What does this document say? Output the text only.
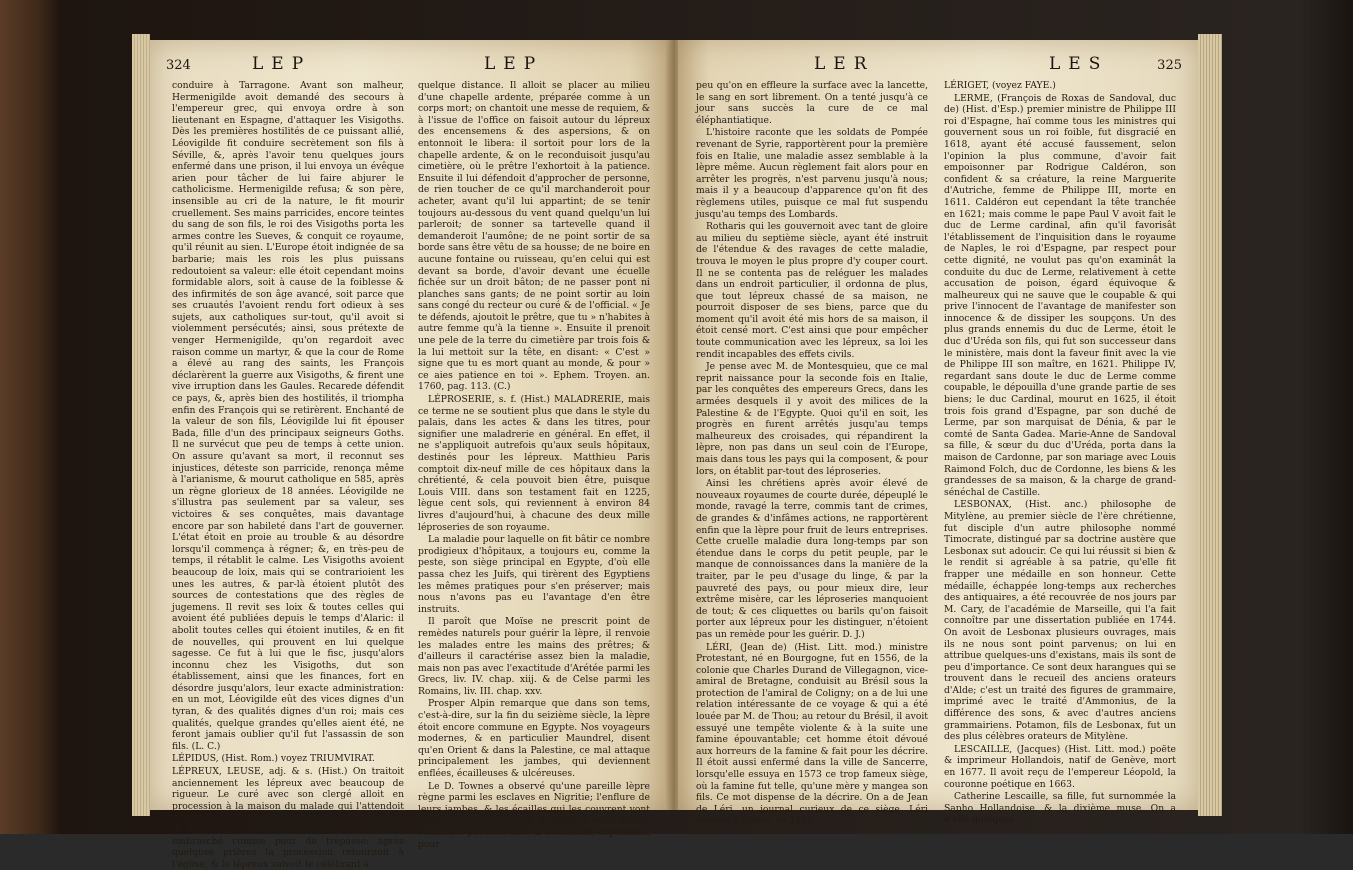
324	LEP	LEP

conduire à Tarragone. Avant son malheur, Hermenigilde avoit demandé des secours à l'empereur grec, qui envoya ordre à son lieutenant en Espagne, d'attaquer les Visigoths. Dès les premières hostilités de ce puissant allié, Léovigilde fit conduire secrètement son fils à Séville, &, après l'avoir tenu quelques jours enfermé dans une prison, il lui envoya un évêque arien pour tâcher de lui faire abjurer le catholicisme. Hermenigilde refusa; & son père, insensible au cri de la nature, le fit mourir cruellement. Ses mains parricides, encore teintes du sang de son fils, le roi des Visigoths porta les armes contre les Sueves, & conquit ce royaume, qu'il réunit au sien. L'Europe étoit indignée de sa barbarie; mais les rois les plus puissans redoutoient sa valeur: elle étoit cependant moins formidable alors, soit à cause de la foiblesse & des infirmités de son âge avancé, soit parce que ses cruautés l'avoient rendu fort odieux à ses sujets, aux catholiques sur-tout, qu'il avoit si violemment persécutés; ainsi, sous prétexte de venger Hermenigilde, qu'on regardoit avec raison comme un martyr, & que la cour de Rome a élevé au rang des saints, les François déclarèrent la guerre aux Visigoths, & firent une vive irruption dans les Gaules. Recarede défendit ce pays, &, après bien des hostilités, il triompha enfin des François qui se retirèrent. Enchanté de la valeur de son fils, Léovigilde lui fit épouser Bada, fille d'un des principaux seigneurs Goths. Il ne survécut que peu de temps à cette union. On assure qu'avant sa mort, il reconnut ses injustices, déteste son parricide, renonça même à l'arianisme, & mourut catholique en 585, après un règne glorieux de 18 années. Léovigilde ne s'illustra pas seulement par sa valeur, ses victoires & ses conquêtes, mais davantage encore par son habileté dans l'art de gouverner. L'état étoit en proie au trouble & au désordre lorsqu'il commença à régner; &, en très-peu de temps, il rétablit le calme. Les Visigoths avoient beaucoup de loix, mais qui se contrarioient les unes les autres, & par-là étoient plutôt des sources de contestations que des règles de jugemens. Il revit ses loix & toutes celles qui avoient été publiées depuis le temps d'Alaric: il abolit toutes celles qui étoient inutiles, & en fit de nouvelles, qui prouvent en lui quelque sagesse. Ce fut à lui que le fisc, jusqu'alors inconnu chez les Visigoths, dut son établissement, ainsi que les finances, fort en désordre jusqu'alors, leur exacte administration: en un mot, Léovigilde eût des vices dignes d'un tyran, & des qualités dignes d'un roi; mais ces qualités, quelque grandes qu'elles aient été, ne feront jamais oublier qu'il fut l'assassin de son fils. (L. C.)

LÉPIDUS, (Hist. Rom.) voyez TRIUMVIRAT.

LÉPREUX, LEUSE, adj. & s. (Hist.) On traitoit anciennement les lépreux avec beaucoup de rigueur. Le curé avec son clergé alloit en procession à la maison du malade qui l'attendoit à la porte, couvert d'un voile noir ou d'une nape; là le lépreux étoit levé son visage couvert & embrasché comme pour de trépasse: après quelques prières la procession retournoit à l'église, & le lépreux suivoit le célébrant à

quelque distance. Il alloit se placer au milieu d'une chapelle ardente, préparée comme à un corps mort; on chantoit une messe de requiem, & à l'issue de l'office on faisoit autour du lépreux des encensemens & des aspersions, & on entonnoit le libera: il sortoit pour lors de la chapelle ardente, & on le reconduisoit jusqu'au cimetière, où le prêtre l'exhortoit à la patience. Ensuite il lui défendoit d'approcher de personne, de rien toucher de ce qu'il marchanderoit pour acheter, avant qu'il lui appartint; de se tenir toujours au-dessous du vent quand quelqu'un lui parleroit; de sonner sa tartevelle quand il demanderoit l'aumône; de ne point sortir de sa borde sans être vêtu de sa housse; de ne boire en aucune fontaine ou ruisseau, qu'en celui qui est devant sa borde, d'avoir devant une écuelle fichée sur un droit bâton; de ne passer pont ni planches sans gants; de ne point sortir au loin sans congé du recteur ou curé & de l'official. « Je te défends, ajoutoit le prêtre, que tu » n'habites à autre femme qu'à la tienne ». Ensuite il prenoit une pele de la terre du cimetière par trois fois & la lui mettoit sur la tête, en disant: « C'est » signe que tu es mort quant au monde, & pour » ce aies patience en toi ». Ephem. Troyen. an. 1760, pag. 113. (C.)

LÉPROSERIE, s. f. (Hist.) MALADRERIE, mais ce terme ne se soutient plus que dans le style du palais, dans les actes & dans les titres, pour signifier une maladrerie en général. En effet, il ne s'appliquoit autrefois qu'aux seuls hôpitaux, destinés pour les lépreux. Matthieu Paris comptoit dix-neuf mille de ces hôpitaux dans la chrétienté, & cela pouvoit bien être, puisque Louis VIII. dans son testament fait en 1225, lègue cent sols, qui reviennent à environ 84 livres d'aujourd'hui, à chacune des deux mille léproseries de son royaume.

La maladie pour laquelle on fit bâtir ce nombre prodigieux d'hôpitaux, a toujours eu, comme la peste, son siège principal en Egypte, d'où elle passa chez les Juifs, qui tirèrent des Egyptiens les mêmes pratiques pour s'en préserver; mais nous n'avons pas eu l'avantage d'en être instruits.

Il paroît que Moïse ne prescrit point de remèdes naturels pour guérir la lèpre, il renvoie les malades entre les mains des prêtres; & d'ailleurs il caractérise assez bien la maladie, mais non pas avec l'exactitude d'Arétée parmi les Grecs, liv. IV. chap. xiij. & de Celse parmi les Romains, liv. III. chap. xxv.

Prosper Alpin remarque que dans son tems, c'est-à-dire, sur la fin du seizième siècle, la lèpre étoit encore commune en Egypte. Nos voyageurs modernes, & en particulier Maundrel, disent qu'en Orient & dans la Palestine, ce mal attaque principalement les jambes, qui deviennent enflées, écailleuses & ulcéreuses.

Le D. Townes a observé qu'une pareille lèpre règne parmi les esclaves en Nigritie; l'enflure de leurs jambes, & les écailles qui les couvrent vont toujours en augmentant; & quoique cette écorce écailleuse paroisse dure & insensible, cependant, pour

LER	LES	325

peu qu'on en effleure la surface avec la lancette, le sang en sort librement. On a tenté jusqu'à ce jour sans succès la cure de ce mal éléphantiatique.

L'histoire raconte que les soldats de Pompée revenant de Syrie, rapportèrent pour la première fois en Italie, une maladie assez semblable à la lèpre même. Aucun règlement fait alors pour en arrêter les progrès, n'est parvenu jusqu'à nous; mais il y a beaucoup d'apparence qu'on fit des règlemens utiles, puisque ce mal fut suspendu jusqu'au temps des Lombards.

Rotharis qui les gouvernoit avec tant de gloire au milieu du septième siècle, ayant été instruit de l'étendue & des ravages de cette maladie, trouva le moyen le plus propre d'y couper court. Il ne se contenta pas de reléguer les malades dans un endroit particulier, il ordonna de plus, que tout lépreux chassé de sa maison, ne pourroit disposer de ses biens, parce que du moment qu'il avoit été mis hors de sa maison, il étoit censé mort. C'est ainsi que pour empêcher toute communication avec les lépreux, sa loi les rendit incapables des effets civils.

Je pense avec M. de Montesquieu, que ce mal reprit naissance pour la seconde fois en Italie, par les conquêtes des empereurs Grecs, dans les armées desquels il y avoit des milices de la Palestine & de l'Egypte. Quoi qu'il en soit, les progrès en furent arrêtés jusqu'au temps malheureux des croisades, qui répandirent la lèpre, non pas dans un seul coin de l'Europe, mais dans tous les pays qui la composent, & pour lors, on établit par-tout des léproseries.

Ainsi les chrétiens après avoir élevé de nouveaux royaumes de courte durée, dépeuplé le monde, ravagé la terre, commis tant de crimes, de grandes & d'infâmes actions, ne rapportèrent enfin que la lèpre pour fruit de leurs entreprises. Cette cruelle maladie dura long-temps par son étendue dans le corps du petit peuple, par le manque de connoissances dans la manière de la traiter, par le peu d'usage du linge, & par la pauvreté des pays, ou pour mieux dire, leur extrême misère, car les léproseries manquoient de tout; & ces cliquettes ou barils qu'on faisoit porter aux lépreux pour les distinguer, n'étoient pas un remède pour les guérir. D. J.)

LÉRI, (Jean de) (Hist. Litt. mod.) ministre Protestant, né en Bourgogne, fut en 1556, de la colonie que Charles Durand de Villegagnon, vice-amiral de Bretagne, conduisit au Brésil sous la protection de l'amiral de Coligny; on a de lui une relation intéressante de ce voyage & qui a été louée par M. de Thou; au retour du Brésil, il avoit essuyé une tempête violente & à la suite une famine épouvantable; cet homme étoit dévoué aux horreurs de la famine & fait pour les décrire. Il étoit aussi enfermé dans la ville de Sancerre, lorsqu'elle essuya en 1573 ce trop fameux siège, où la famine fut telle, qu'une mère y mangea son fils. Ce mot dispense de la décrire. On a de Jean de Léri, un journal curieux de ce siège. Léri mourut à Berne, en 1611.

LÉRIGET, (voyez FAYE.)

LERME, (François de Roxas de Sandoval, duc de) (Hist. d'Esp.) premier ministre de Philippe III roi d'Espagne, haï comme tous les ministres qui gouvernent sous un roi foible, fut disgracié en 1618, ayant été accusé faussement, selon l'opinion la plus commune, d'avoir fait empoisonner par Rodrigue Caldéron, son confident & sa créature, la reine Marguerite d'Autriche, femme de Philippe III, morte en 1611. Caldéron eut cependant la tête tranchée en 1621; mais comme le pape Paul V avoit fait le duc de Lerme cardinal, afin qu'il favorisât l'établissement de l'inquisition dans le royaume de Naples, le roi d'Espagne, par respect pour cette dignité, ne voulut pas qu'on examinât la conduite du duc de Lerme, relativement à cette accusation de poison, égard équivoque & malheureux qui ne sauve que le coupable & qui prive l'innocent de l'avantage de manifester son innocence & de dissiper les soupçons. Un des plus grands ennemis du duc de Lerme, étoit le duc d'Uréda son fils, qui fut son successeur dans le ministère, mais dont la faveur finit avec la vie de Philippe III son maître, en 1621. Philippe IV, regardant sans doute le duc de Lerme comme coupable, le dépouilla d'une grande partie de ses biens; le duc Cardinal, mourut en 1625, il étoit trois fois grand d'Espagne, par son duché de Lerme, par son marquisat de Dénia, & par le comté de Santa Gadea. Marie-Anne de Sandoval sa fille, & sœur du duc d'Uréda, porta dans la maison de Cardonne, par son mariage avec Louis Raimond Folch, duc de Cordonne, les biens & les grandesses de sa maison, & la charge de grand-sénéchal de Castille.

LESBONAX, (Hist. anc.) philosophe de Mitylène, au premier siècle de l'ère chrétienne, fut disciple d'un autre philosophe nommé Timocrate, distingué par sa doctrine austère que Lesbonax sut adoucir. Ce qui lui réussit si bien & le rendit si agréable à sa patrie, qu'elle fit frapper une médaille en son honneur. Cette médaille, échappée long-temps aux recherches des antiquaires, a été recouvrée de nos jours par M. Cary, de l'académie de Marseille, qui l'a fait connoître par une dissertation publiée en 1744. On avoit de Lesbonax plusieurs ouvrages, mais ils ne nous sont point parvenus; on lui en attribue quelques-uns d'existans, mais ils sont de peu d'importance. Ce sont deux harangues qui se trouvent dans le recueil des anciens orateurs d'Alde; c'est un traité des figures de grammaire, imprimé avec le traité d'Ammonius, de la différence des sons, & avec d'autres anciens grammairiens. Potamon, fils de Lesbonax, fut un des plus célèbres orateurs de Mitylène.

LESCAILLE, (Jacques) (Hist. Litt. mod.) poëte & imprimeur Hollandois, natif de Genève, mort en 1677. Il avoit reçu de l'empereur Léopold, la couronne poétique en 1663.

Catherine Lescaille, sa fille, fut surnommée la Sapho Hollandoise, & la dixième muse. On a d'elle quelques
